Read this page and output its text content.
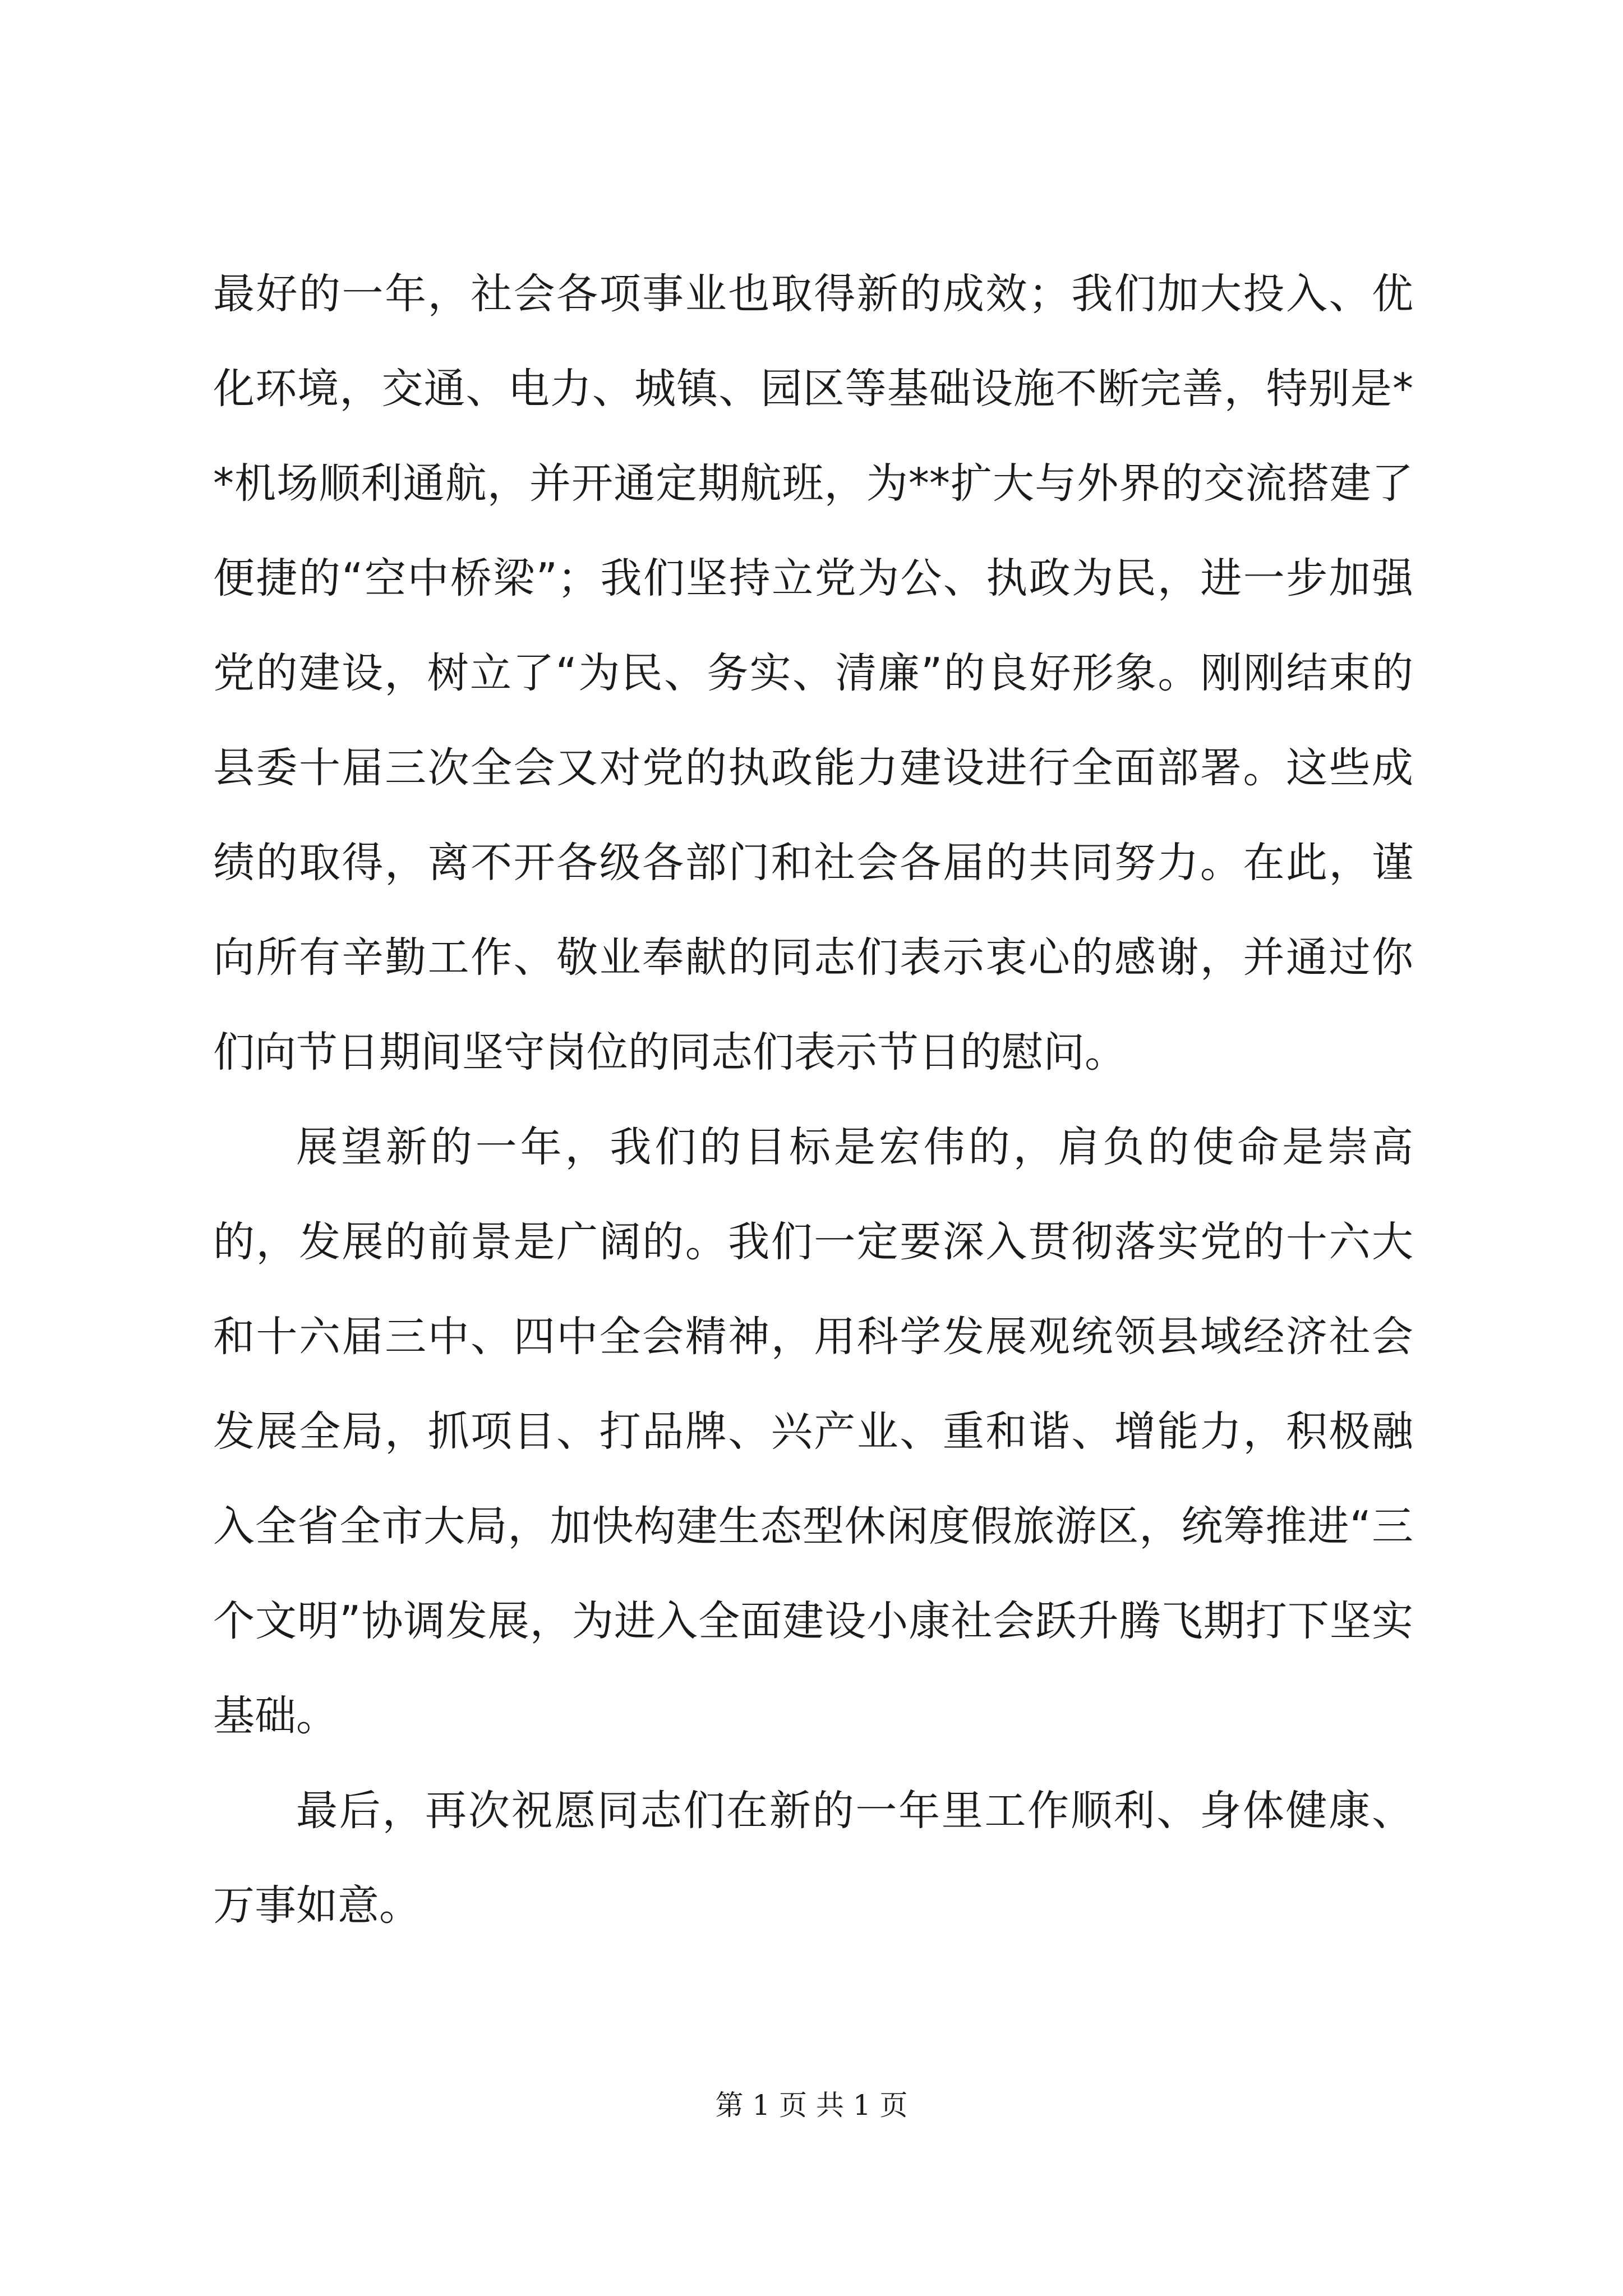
最好的一年，社会各项事业也取得新的成效；我们加大投入、优化环境，交通、电力、城镇、园区等基础设施不断完善，特别是**机场顺利通航，并开通定期航班，为**扩大与外界的交流搭建了便捷的“空中桥梁”；我们坚持立党为公、执政为民，进一步加强党的建设，树立了“为民、务实、清廉”的良好形象。刚刚结束的县委十届三次全会又对党的执政能力建设进行全面部署。这些成绩的取得，离不开各级各部门和社会各届的共同努力。在此，谨向所有辛勤工作、敬业奉献的同志们表示衷心的感谢，并通过你们向节日期间坚守岗位的同志们表示节日的慰问。

展望新的一年，我们的目标是宏伟的，肩负的使命是崇高的，发展的前景是广阔的。我们一定要深入贯彻落实党的十六大和十六届三中、四中全会精神，用科学发展观统领县域经济社会发展全局，抓项目、打品牌、兴产业、重和谐、增能力，积极融入全省全市大局，加快构建生态型休闲度假旅游区，统筹推进“三个文明”协调发展，为进入全面建设小康社会跃升腾飞期打下坚实基础。

最后，再次祝愿同志们在新的一年里工作顺利、身体健康、万事如意。

第 1 页 共 1 页
